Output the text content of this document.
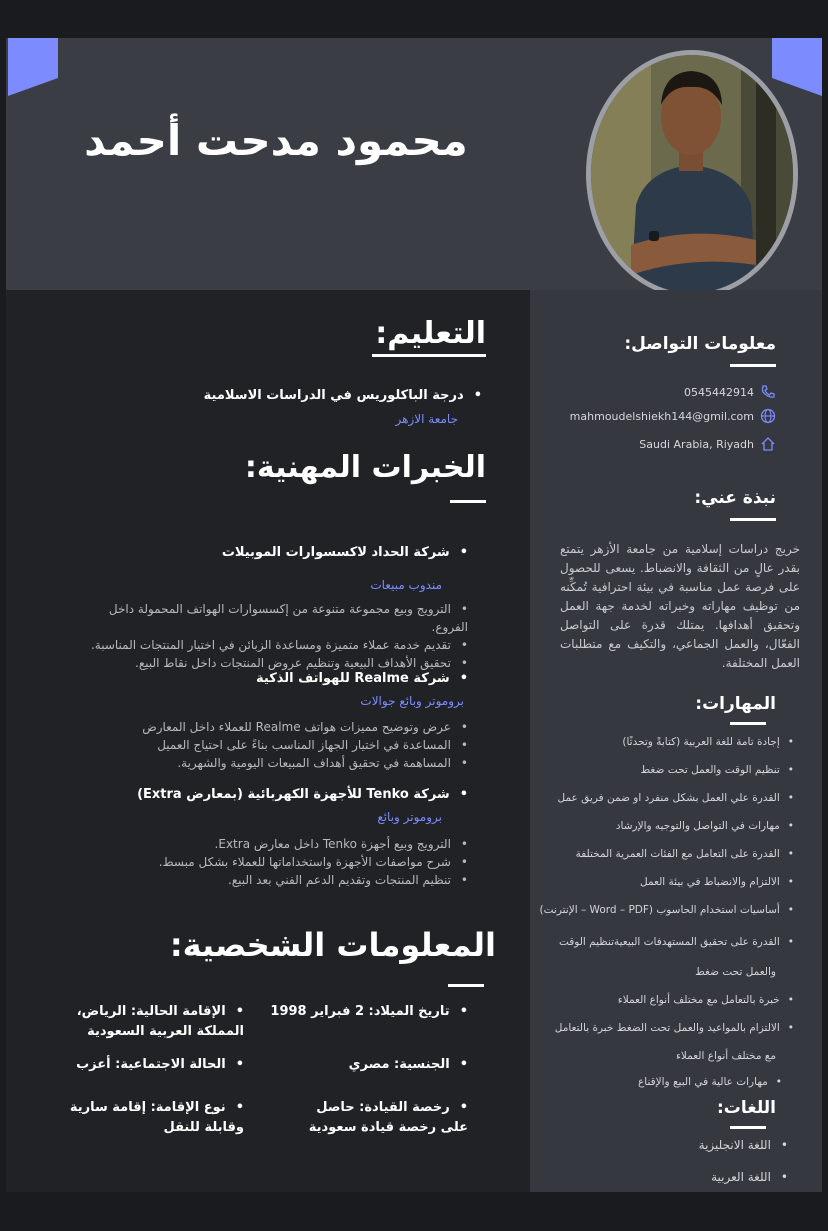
محمود مدحت أحمد
التعليم:
• درجة الباكلوريس في الدراسات الاسلامية
جامعة الازهر
الخبرات المهنية:
• شركة الحداد لاكسسوارات الموبيلات
مندوب مبيعات
• الترويج وبيع مجموعة متنوعة من إكسسوارات الهواتف المحمولة داخل
الفروع.
• تقديم خدمة عملاء متميزة ومساعدة الزبائن في اختيار المنتجات المناسبة.
• تحقيق الأهداف البيعية وتنظيم عروض المنتجات داخل نقاط البيع.
• شركة Realme للهواتف الذكية
بروموتر وبائع جوالات
• عرض وتوضيح مميزات هواتف Realme للعملاء داخل المعارض
• المساعدة في اختيار الجهاز المناسب بناءً على احتياج العميل
• المساهمة في تحقيق أهداف المبيعات اليومية والشهرية.
• شركة Tenko للأجهزة الكهربائية (بمعارض Extra)
بروموتر وبائع
• الترويج وبيع أجهزة Tenko داخل معارض Extra.
• شرح مواصفات الأجهزة واستخداماتها للعملاء بشكل مبسط.
• تنظيم المنتجات وتقديم الدعم الفني بعد البيع.
المعلومات الشخصية:
•تاريخ الميلاد: 2 فبراير 1998
•الإقامة الحالية: الرياض، المملكة العربية السعودية
•الجنسية: مصري
•الحالة الاجتماعية: أعزب
•رخصة القيادة: حاصل على رخصة قيادة سعودية
•نوع الإقامة: إقامة سارية وقابلة للنقل
معلومات التواصل:
0545442914
mahmoudelshiekh144@gmil.com
Saudi Arabia, Riyadh
نبذة عني:
خريج دراسات إسلامية من جامعة الأزهر يتمتع بقدر عالٍ من الثقافة والانضباط. يسعى للحصول على فرصة عمل مناسبة في بيئة احترافية تُمكِّنه من توظيف مهاراته وخبراته لخدمة جهة العمل وتحقيق أهدافها. يمتلك قدرة على التواصل الفعّال، والعمل الجماعي، والتكيف مع متطلبات العمل المختلفة.
المهارات:
• إجادة تامة للغة العربية (كتابةً وتحدثًا)
• تنظيم الوقت والعمل تحت ضغط
• القدرة علي العمل بشكل منفرد او ضمن فريق عمل
• مهارات في التواصل والتوجيه والإرشاد
• القدرة على التعامل مع الفئات العمرية المختلفة
• الالتزام والانضباط في بيئة العمل
• أساسيات استخدام الحاسوب (Word – PDF – الإنترنت)
• القدرة على تحقيق المستهدفات البيعيةتنظيم الوقت
والعمل تحت ضغط
• خبرة بالتعامل مع مختلف أنواع العملاء
• الالتزام بالمواعيد والعمل تحت الضغط خبرة بالتعامل
مع مختلف أنواع العملاء
• مهارات عالية في البيع والإقناع
اللغات:
• اللغة الانجليزية
• اللغة العربية
